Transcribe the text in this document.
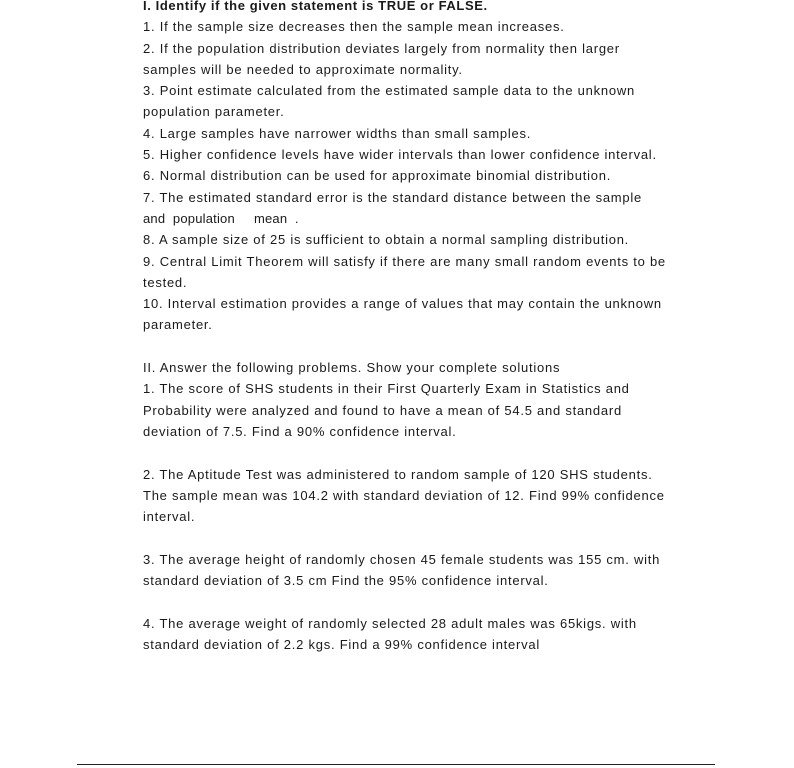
I. Identify if the given statement is TRUE or FALSE.

1. If the sample size decreases then the sample mean increases.

2. If the population distribution deviates largely from normality then larger

samples will be needed to approximate normality.

3. Point estimate calculated from the estimated sample data to the unknown

population parameter.

4. Large samples have narrower widths than small samples.

5. Higher confidence levels have wider intervals than lower confidence interval.

6. Normal distribution can be used for approximate binomial distribution.

7. The estimated standard error is the standard distance between the sample

and  population     mean  .

8. A sample size of 25 is sufficient to obtain a normal sampling distribution.

9. Central Limit Theorem will satisfy if there are many small random events to be

tested.

10. Interval estimation provides a range of values that may contain the unknown

parameter.

II. Answer the following problems. Show your complete solutions

1. The score of SHS students in their First Quarterly Exam in Statistics and

Probability were analyzed and found to have a mean of 54.5 and standard

deviation of 7.5. Find a 90% confidence interval.

2. The Aptitude Test was administered to random sample of 120 SHS students.

The sample mean was 104.2 with standard deviation of 12. Find 99% confidence

interval.

3. The average height of randomly chosen 45 female students was 155 cm. with

standard deviation of 3.5 cm Find the 95% confidence interval.

4. The average weight of randomly selected 28 adult males was 65kigs. with

standard deviation of 2.2 kgs. Find a 99% confidence interval
